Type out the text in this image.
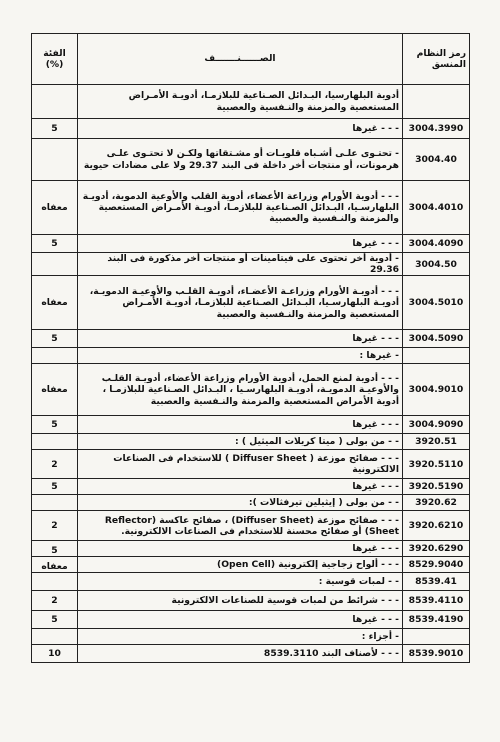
رمز النظام المنسق	الصــــــنـــــــف	الفئة (%)
	أدوية البلهارسيا، البـدائل الصـناعية للبلازمـا، أدويـة الأمـراض المستعصية والمزمنة والنـفسية والعصبية	
3004.3990	- - - غيرها	5
3004.40	- تحتـوى علـى أشـباه قلويـات أو مشـتقاتها ولكـن لا تحتـوى علـى هرمونات، أو منتجات أخر داخلة فى البند 29.37 ولا على مضادات حيوية	
3004.4010	- - - أدوية الأورام وزراعة الأعضاء، أدوية القلب والأوعية الدموية، أدويـة البلهارسـيا، البـدائل الصـناعية للبلازمـا، أدويـة الأمـراض المستعصية والمزمنة والنـفسية والعصبية	معفاه
3004.4090	- - - غيرها	5
3004.50	- أدوية أخر تحتوى على فيتامينات أو منتجات أخر مذكورة فى البند 29.36	
3004.5010	- - - أدويـة الأورام وزراعـة الأعضـاء، أدويـة القلـب والأوعيـة الدمويـة، أدويـة البلهارسـيا، البـدائل الصـناعية للبلازمـا، أدويـة الأمـراض المستعصية والمزمنة والنـفسية والعصبية	معفاه
3004.5090	- - - غيرها	5
	- غيرها :	
3004.9010	- - - أدوية لمنع الحمل، أدوية الأورام وزراعة الأعضاء، أدويـة القلـب والأوعيـة الدمويـة، أدويـة البلهارسـيا ، البـدائل الصـناعية للبلازمـا ، أدوية الأمراض المستعصية والمزمنة والنـفسية والعصبية	معفاه
3004.9090	- - - غيرها	5
3920.51	- - من بولى ( ميتا كريلات الميثيل ) :	
3920.5110	- - - صفائح موزعة ( Diffuser Sheet ) للاستخدام فى الصناعات الالكترونية	2
3920.5190	- - - غيرها	5
3920.62	- - من بولى ( إيثيلين تيرفثالات ):	
3920.6210	- - - صفائح موزعة (Diffuser Sheet) ، صفائح عاكسة (Reflector Sheet) أو صفائح محسنة للاستخدام فى الصناعات الالكترونية.	2
3920.6290	- - - غيرها	5
8529.9040	- - - ألواح زجاجية إلكترونية (Open Cell)	معفاه
8539.41	- - لمبات قوسية :	
8539.4110	- - - شرائط من لمبات قوسية للصناعات الالكترونية	2
8539.4190	- - - غيرها	5
	- أجزاء :	
8539.9010	- - - لأصناف البند 8539.3110	10
